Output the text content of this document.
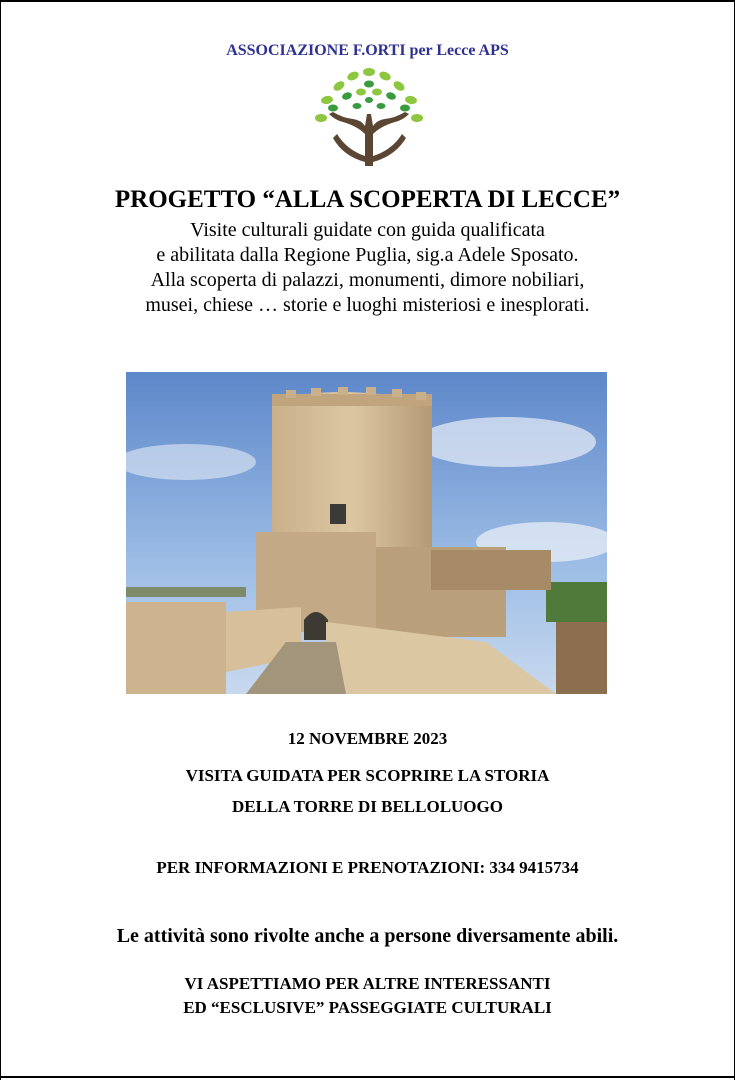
ASSOCIAZIONE F.ORTI per Lecce APS
PROGETTO “ALLA SCOPERTA DI LECCE”
Visite culturali guidate con guida qualificata
e abilitata dalla Regione Puglia, sig.a Adele Sposato.
Alla scoperta di palazzi, monumenti, dimore nobiliari,
musei, chiese … storie e luoghi misteriosi e inesplorati.
12 NOVEMBRE 2023
VISITA GUIDATA PER SCOPRIRE LA STORIA
DELLA TORRE DI BELLOLUOGO
PER INFORMAZIONI E PRENOTAZIONI: 334 9415734
Le attività sono rivolte anche a persone diversamente abili.
VI ASPETTIAMO PER ALTRE INTERESSANTI
ED “ESCLUSIVE” PASSEGGIATE CULTURALI
